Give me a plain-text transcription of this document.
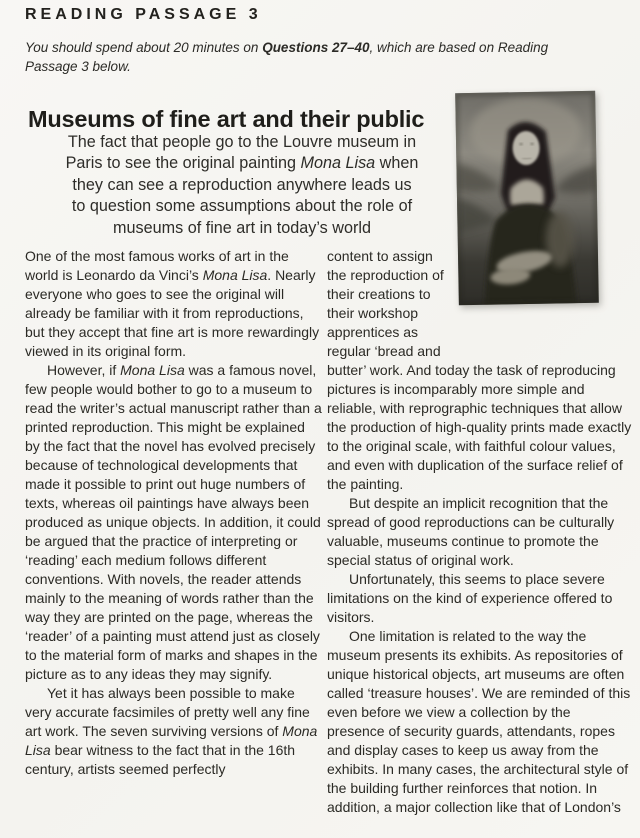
READING PASSAGE 3
You should spend about 20 minutes on Questions 27–40, which are based on Reading Passage 3 below.
Museums of fine art and their public
The fact that people go to the Louvre museum in
Paris to see the original painting Mona Lisa when
they can see a reproduction anywhere leads us
to question some assumptions about the role of
museums of fine art in today’s world

One of the most famous works of art in the world is Leonardo da Vinci’s Mona Lisa. Nearly everyone who goes to see the original will already be familiar with it from reproductions, but they accept that fine art is more rewardingly viewed in its original form.

However, if Mona Lisa was a famous novel, few people would bother to go to a museum to read the writer’s actual manuscript rather than a printed reproduction. This might be explained by the fact that the novel has evolved precisely because of technological developments that made it possible to print out huge numbers of texts, whereas oil paintings have always been produced as unique objects. In addition, it could be argued that the practice of interpreting or ‘reading’ each medium follows different conventions. With novels, the reader attends mainly to the meaning of words rather than the way they are printed on the page, whereas the ‘reader’ of a painting must attend just as closely to the material form of marks and shapes in the picture as to any ideas they may signify.

Yet it has always been possible to make very accurate facsimiles of pretty well any fine art work. The seven surviving versions of Mona Lisa bear witness to the fact that in the 16th century, artists seemed perfectly

content to assign the reproduction of their creations to their workshop apprentices as regular ‘bread and butter’ work. And today the task of reproducing pictures is incomparably more simple and reliable, with reprographic techniques that allow the production of high-quality prints made exactly to the original scale, with faithful colour values, and even with duplication of the surface relief of the painting.

But despite an implicit recognition that the spread of good reproductions can be culturally valuable, museums continue to promote the special status of original work.

Unfortunately, this seems to place severe limitations on the kind of experience offered to visitors.

One limitation is related to the way the museum presents its exhibits. As repositories of unique historical objects, art museums are often called ‘treasure houses’. We are reminded of this even before we view a collection by the presence of security guards, attendants, ropes and display cases to keep us away from the exhibits. In many cases, the architectural style of the building further reinforces that notion. In addition, a major collection like that of London’s
